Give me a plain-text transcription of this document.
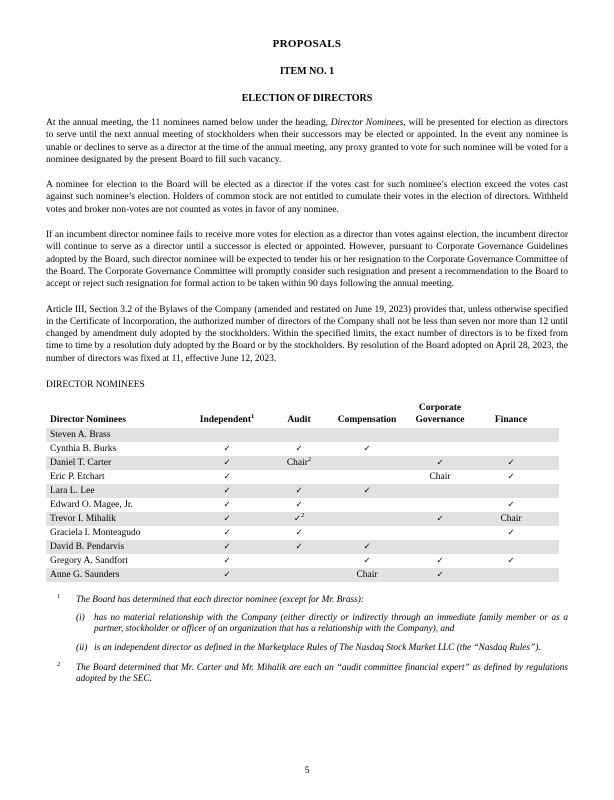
PROPOSALS
ITEM NO. 1
ELECTION OF DIRECTORS

At the annual meeting, the 11 nominees named below under the heading, Director Nominees, will be presented for election as directors to serve until the next annual meeting of stockholders when their successors may be elected or appointed. In the event any nominee is unable or declines to serve as a director at the time of the annual meeting, any proxy granted to vote for such nominee will be voted for a nominee designated by the present Board to fill such vacancy.

A nominee for election to the Board will be elected as a director if the votes cast for such nominee’s election exceed the votes cast against such nominee’s election. Holders of common stock are not entitled to cumulate their votes in the election of directors. Withheld votes and broker non-votes are not counted as votes in favor of any nominee.

If an incumbent director nominee fails to receive more votes for election as a director than votes against election, the incumbent director will continue to serve as a director until a successor is elected or appointed. However, pursuant to Corporate Governance Guidelines adopted by the Board, such director nominee will be expected to tender his or her resignation to the Corporate Governance Committee of the Board. The Corporate Governance Committee will promptly consider such resignation and present a recommendation to the Board to accept or reject such resignation for formal action to be taken within 90 days following the annual meeting.

Article III, Section 3.2 of the Bylaws of the Company (amended and restated on June 19, 2023) provides that, unless otherwise specified in the Certificate of Incorporation, the authorized number of directors of the Company shall not be less than seven nor more than 12 until changed by amendment duly adopted by the stockholders. Within the specified limits, the exact number of directors is to be fixed from time to time by a resolution duly adopted by the Board or by the stockholders. By resolution of the Board adopted on April 28, 2023, the number of directors was fixed at 11, effective June 12, 2023.

DIRECTOR NOMINEES
Director Nominees	Independent$^1$	Audit	Compensation	Corporate Governance	Finance	
Steven A. Brass						
Cynthia B. Burks	✓	✓	✓			
Daniel T. Carter	✓	Chair$^2$		✓	✓	
Eric P. Etchart	✓			Chair	✓	
Lara L. Lee	✓	✓	✓			
Edward O. Magee, Jr.	✓	✓			✓	
Trevor I. Mihalik	✓	✓$^2$		✓	Chair	
Graciela I. Monteagudo	✓	✓			✓	
David B. Pendarvis	✓	✓	✓			
Gregory A. Sandfort	✓		✓	✓	✓	
Anne G. Saunders	✓		Chair	✓		
$^1$	The Board has determined that each director nominee (except for Mr. Brass):

(i) has no material relationship with the Company (either directly or indirectly through an immediate family member or as a partner, stockholder or officer of an organization that has a relationship with the Company), and

(ii) is an independent director as defined in the Marketplace Rules of The Nasdaq Stock Market LLC (the “Nasdaq Rules”).

$^2$	The Board determined that Mr. Carter and Mr. Mihalik are each an “audit committee financial expert” as defined by regulations adopted by the SEC.

5
